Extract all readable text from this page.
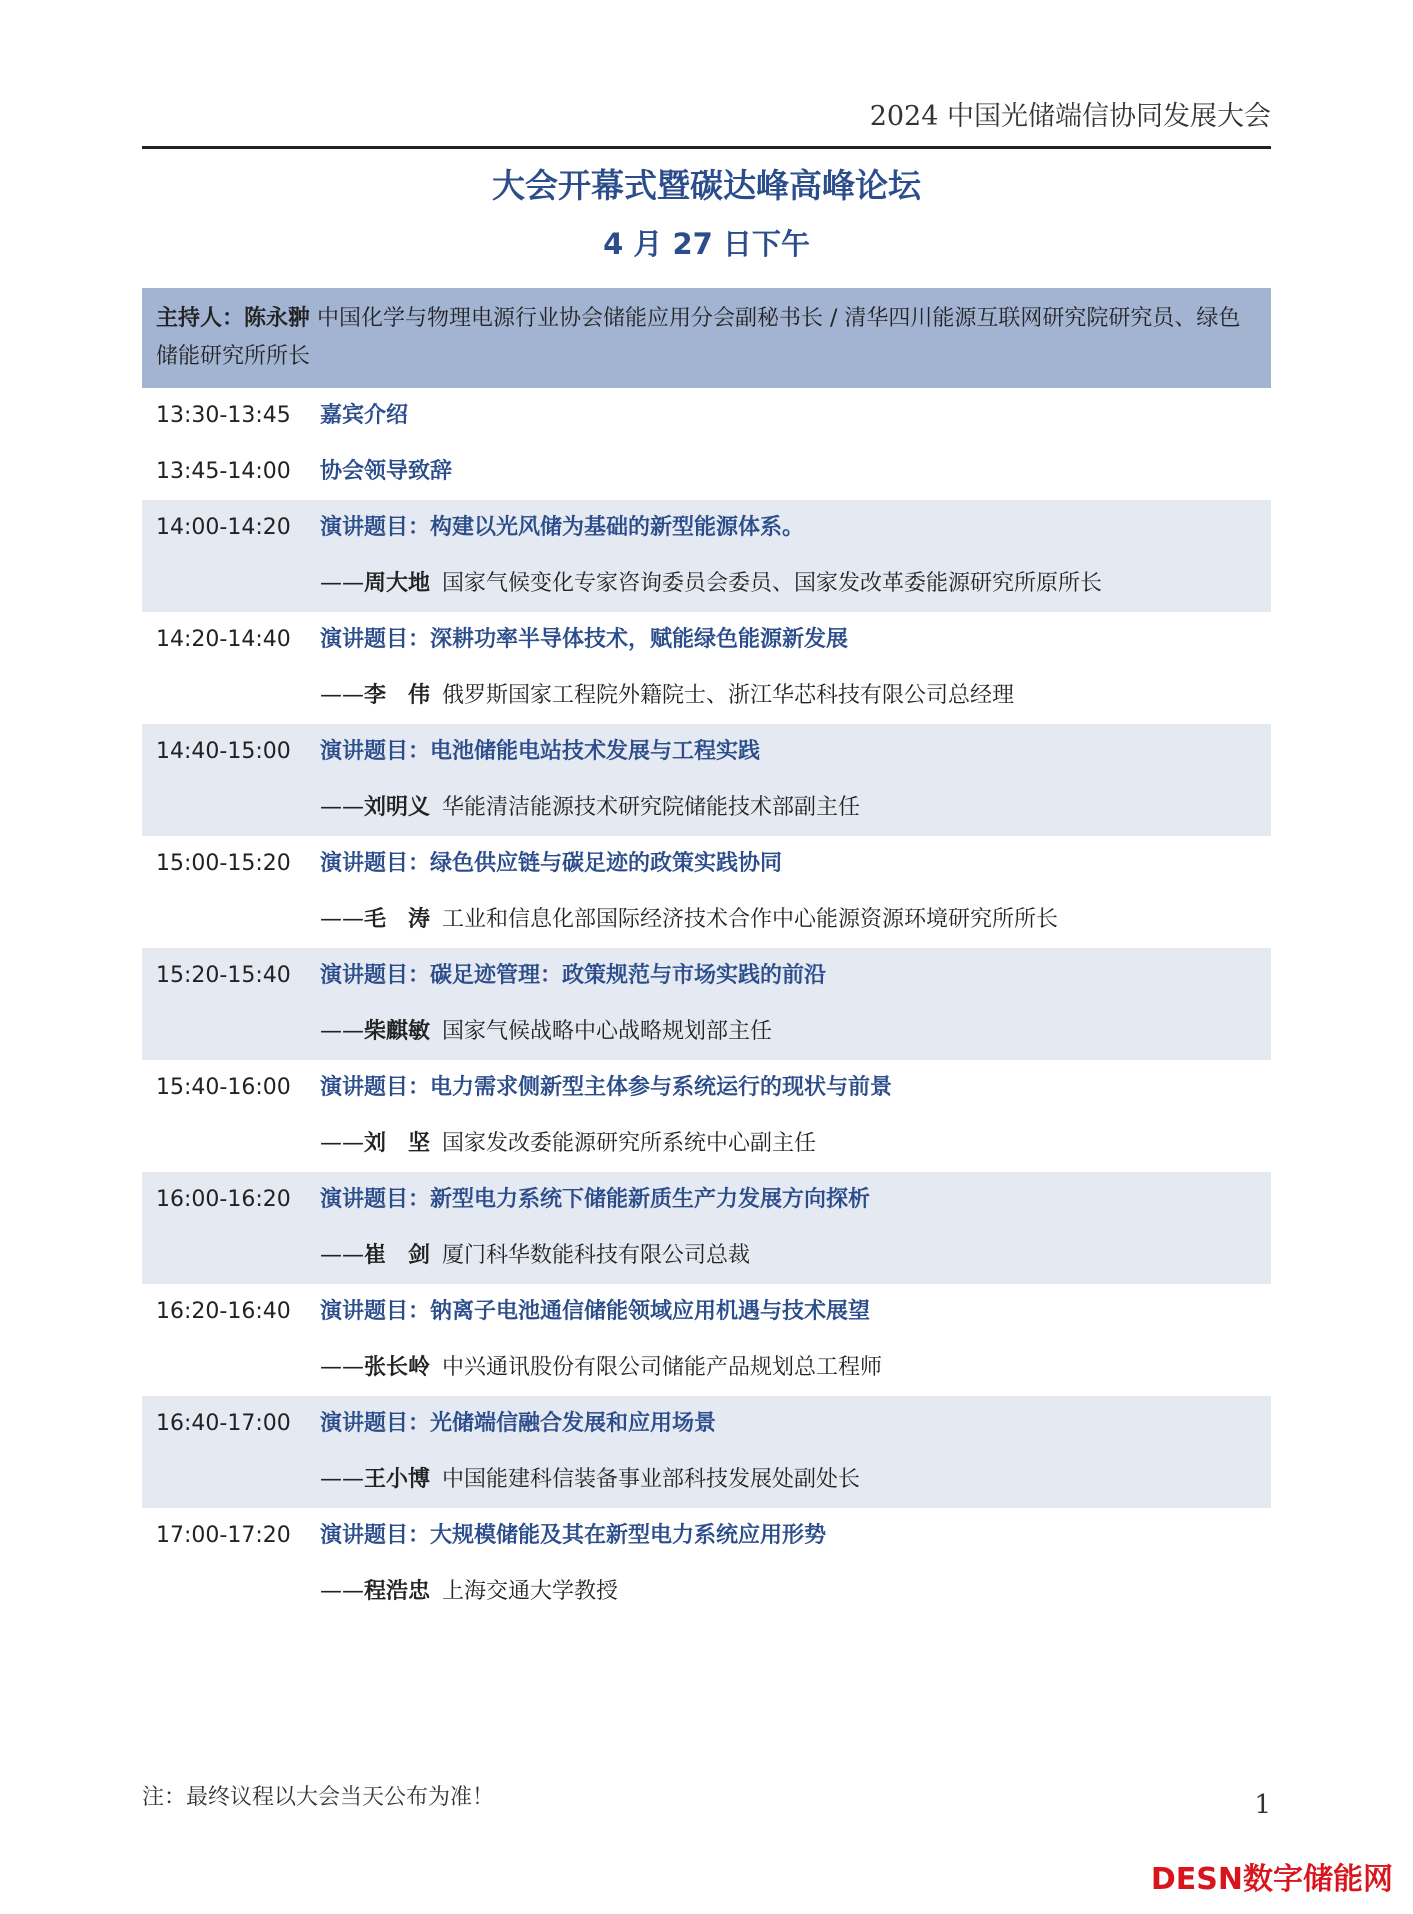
2024 中国光储端信协同发展大会
大会开幕式暨碳达峰高峰论坛
4 月 27 日下午
主持人：陈永翀 中国化学与物理电源行业协会储能应用分会副秘书长 / 清华四川能源互联网研究院研究员、绿色储能研究所所长
13:30-13:45 嘉宾介绍
13:45-14:00 协会领导致辞
14:00-14:20 演讲题目：构建以光风储为基础的新型能源体系。
——周大地 国家气候变化专家咨询委员会委员、国家发改革委能源研究所原所长
14:20-14:40 演讲题目：深耕功率半导体技术，赋能绿色能源新发展
——李　伟 俄罗斯国家工程院外籍院士、浙江华芯科技有限公司总经理
14:40-15:00 演讲题目：电池储能电站技术发展与工程实践
——刘明义 华能清洁能源技术研究院储能技术部副主任
15:00-15:20 演讲题目：绿色供应链与碳足迹的政策实践协同
——毛　涛 工业和信息化部国际经济技术合作中心能源资源环境研究所所长
15:20-15:40 演讲题目：碳足迹管理：政策规范与市场实践的前沿
——柴麒敏 国家气候战略中心战略规划部主任
15:40-16:00 演讲题目：电力需求侧新型主体参与系统运行的现状与前景
——刘　坚 国家发改委能源研究所系统中心副主任
16:00-16:20 演讲题目：新型电力系统下储能新质生产力发展方向探析
——崔　剑 厦门科华数能科技有限公司总裁
16:20-16:40 演讲题目：钠离子电池通信储能领域应用机遇与技术展望
——张长岭 中兴通讯股份有限公司储能产品规划总工程师
16:40-17:00 演讲题目：光储端信融合发展和应用场景
——王小博 中国能建科信装备事业部科技发展处副处长
17:00-17:20 演讲题目：大规模储能及其在新型电力系统应用形势
——程浩忠 上海交通大学教授
注：最终议程以大会当天公布为准！	1
DESN数字储能网
